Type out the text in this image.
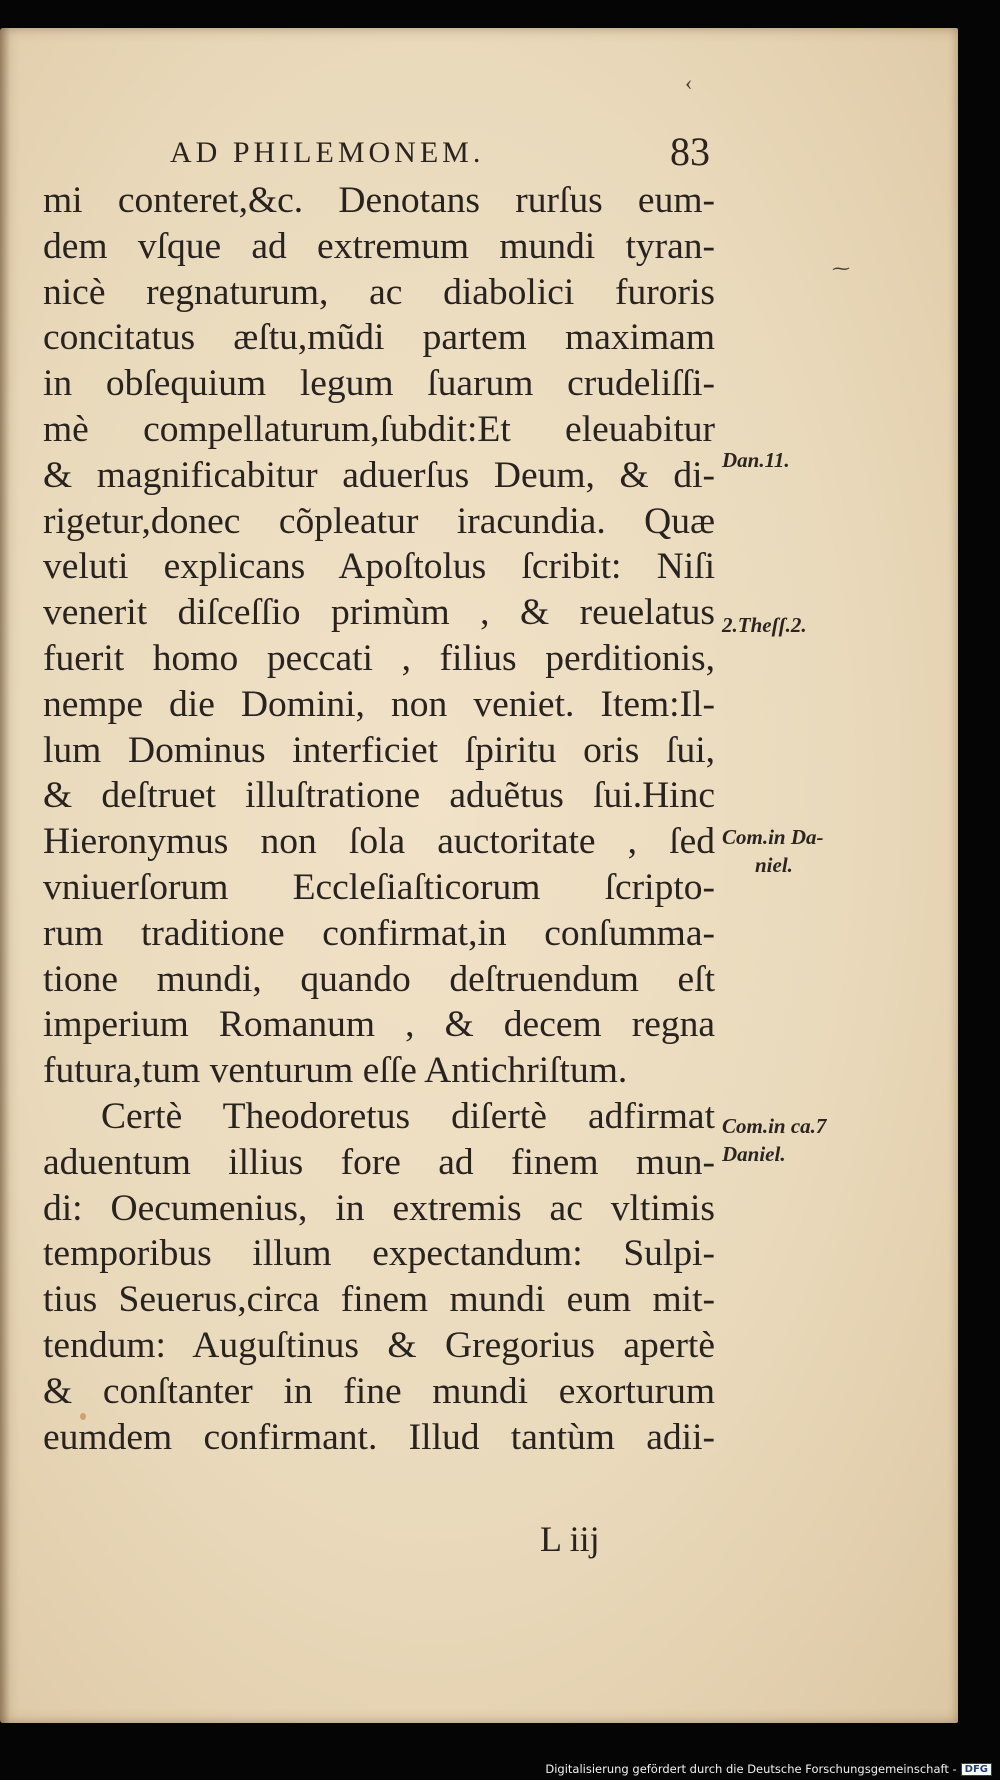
‹
⁓
AD PHILEMONEM.	83
mi conteret,&c. Denotans rurſus eum-
dem vſque ad extremum mundi tyran-
nicè regnaturum, ac diabolici furoris
concitatus æſtu,mũdi partem maximam
in obſequium legum ſuarum crudeliſſi-
mè compellaturum,ſubdit:Et eleuabitur
& magnificabitur aduerſus Deum, & di-
rigetur,donec cõpleatur iracundia. Quæ
veluti explicans Apoſtolus ſcribit: Niſi
venerit diſceſſio primùm , & reuelatus
fuerit homo peccati , filius perditionis,
nempe die Domini, non veniet. Item:Il-
lum Dominus interficiet ſpiritu oris ſui,
& deſtruet illuſtratione aduẽtus ſui.Hinc
Hieronymus non ſola auctoritate , ſed
vniuerſorum Eccleſiaſticorum ſcripto-
rum traditione confirmat,in conſumma-
tione mundi, quando deſtruendum eſt
imperium Romanum , & decem regna
futura,tum venturum eſſe Antichriſtum.
Certè Theodoretus diſertè adfirmat
aduentum illius fore ad finem mun-
di: Oecumenius, in extremis ac vltimis
temporibus illum expectandum: Sulpi-
tius Seuerus,circa finem mundi eum mit-
tendum: Auguſtinus & Gregorius apertè
& conſtanter in fine mundi exorturum
eumdem confirmant. Illud tantùm adii-
Dan.11.
2.Theſſ.2.
Com.in Da-
niel.
Com.in ca.7
Daniel.
L iij
Digitalisierung gefördert durch die Deutsche Forschungsgemeinschaft - DFG
